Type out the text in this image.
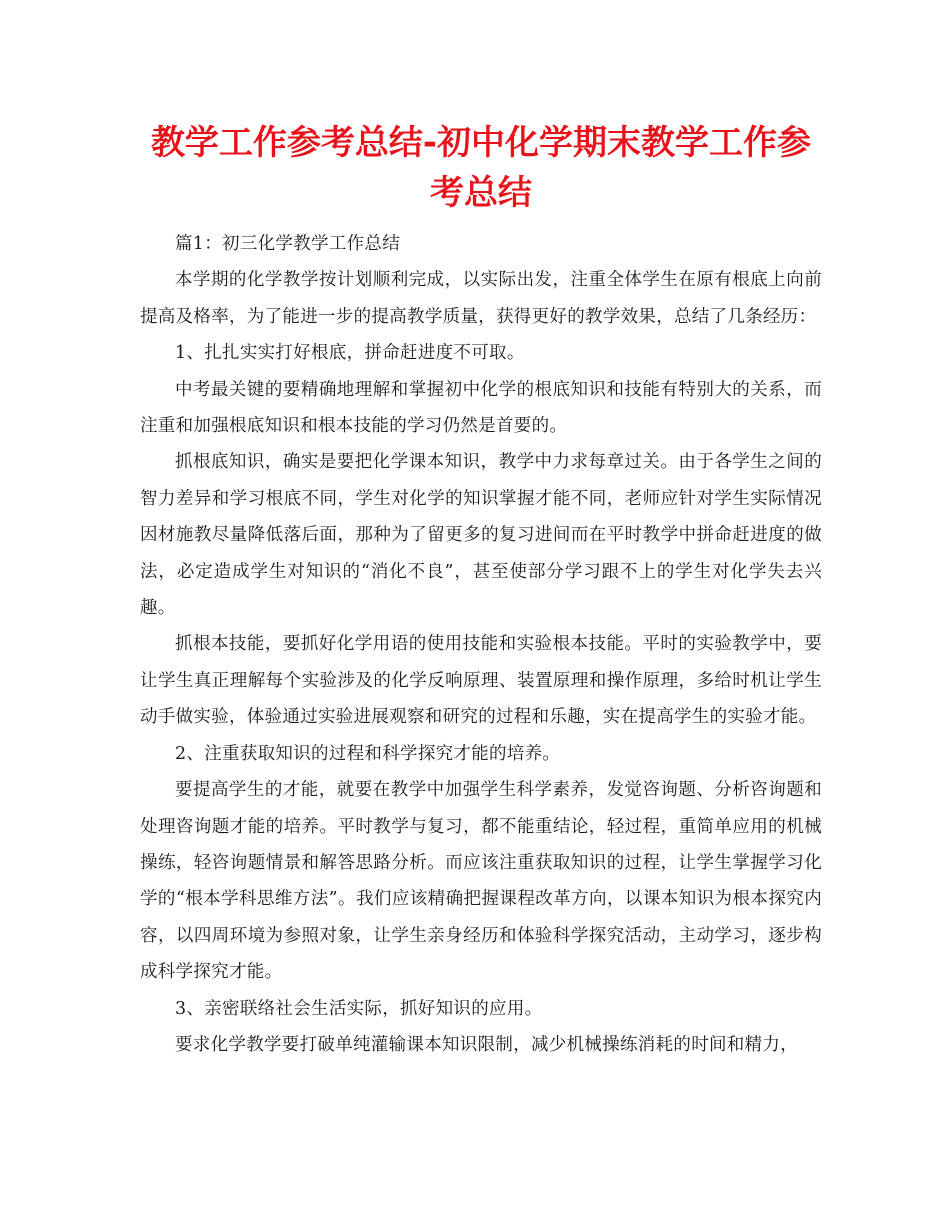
教学工作参考总结-初中化学期末教学工作参考总结

篇1：初三化学教学工作总结

本学期的化学教学按计划顺利完成，以实际出发，注重全体学生在原有根底上向前提高及格率，为了能进一步的提高教学质量，获得更好的教学效果，总结了几条经历：

1、扎扎实实打好根底，拼命赶进度不可取。

中考最关键的要精确地理解和掌握初中化学的根底知识和技能有特别大的关系，而注重和加强根底知识和根本技能的学习仍然是首要的。

抓根底知识，确实是要把化学课本知识，教学中力求每章过关。由于各学生之间的智力差异和学习根底不同，学生对化学的知识掌握才能不同，老师应针对学生实际情况因材施教尽量降低落后面，那种为了留更多的复习进间而在平时教学中拼命赶进度的做法，必定造成学生对知识的“消化不良”，甚至使部分学习跟不上的学生对化学失去兴趣。

抓根本技能，要抓好化学用语的使用技能和实验根本技能。平时的实验教学中，要让学生真正理解每个实验涉及的化学反响原理、装置原理和操作原理，多给时机让学生动手做实验，体验通过实验进展观察和研究的过程和乐趣，实在提高学生的实验才能。

2、注重获取知识的过程和科学探究才能的培养。

要提高学生的才能，就要在教学中加强学生科学素养，发觉咨询题、分析咨询题和处理咨询题才能的培养。平时教学与复习，都不能重结论，轻过程，重简单应用的机械操练，轻咨询题情景和解答思路分析。而应该注重获取知识的过程，让学生掌握学习化学的“根本学科思维方法”。我们应该精确把握课程改革方向，以课本知识为根本探究内容，以四周环境为参照对象，让学生亲身经历和体验科学探究活动，主动学习，逐步构成科学探究才能。

3、亲密联络社会生活实际，抓好知识的应用。

要求化学教学要打破单纯灌输课本知识限制，减少机械操练消耗的时间和精力，
